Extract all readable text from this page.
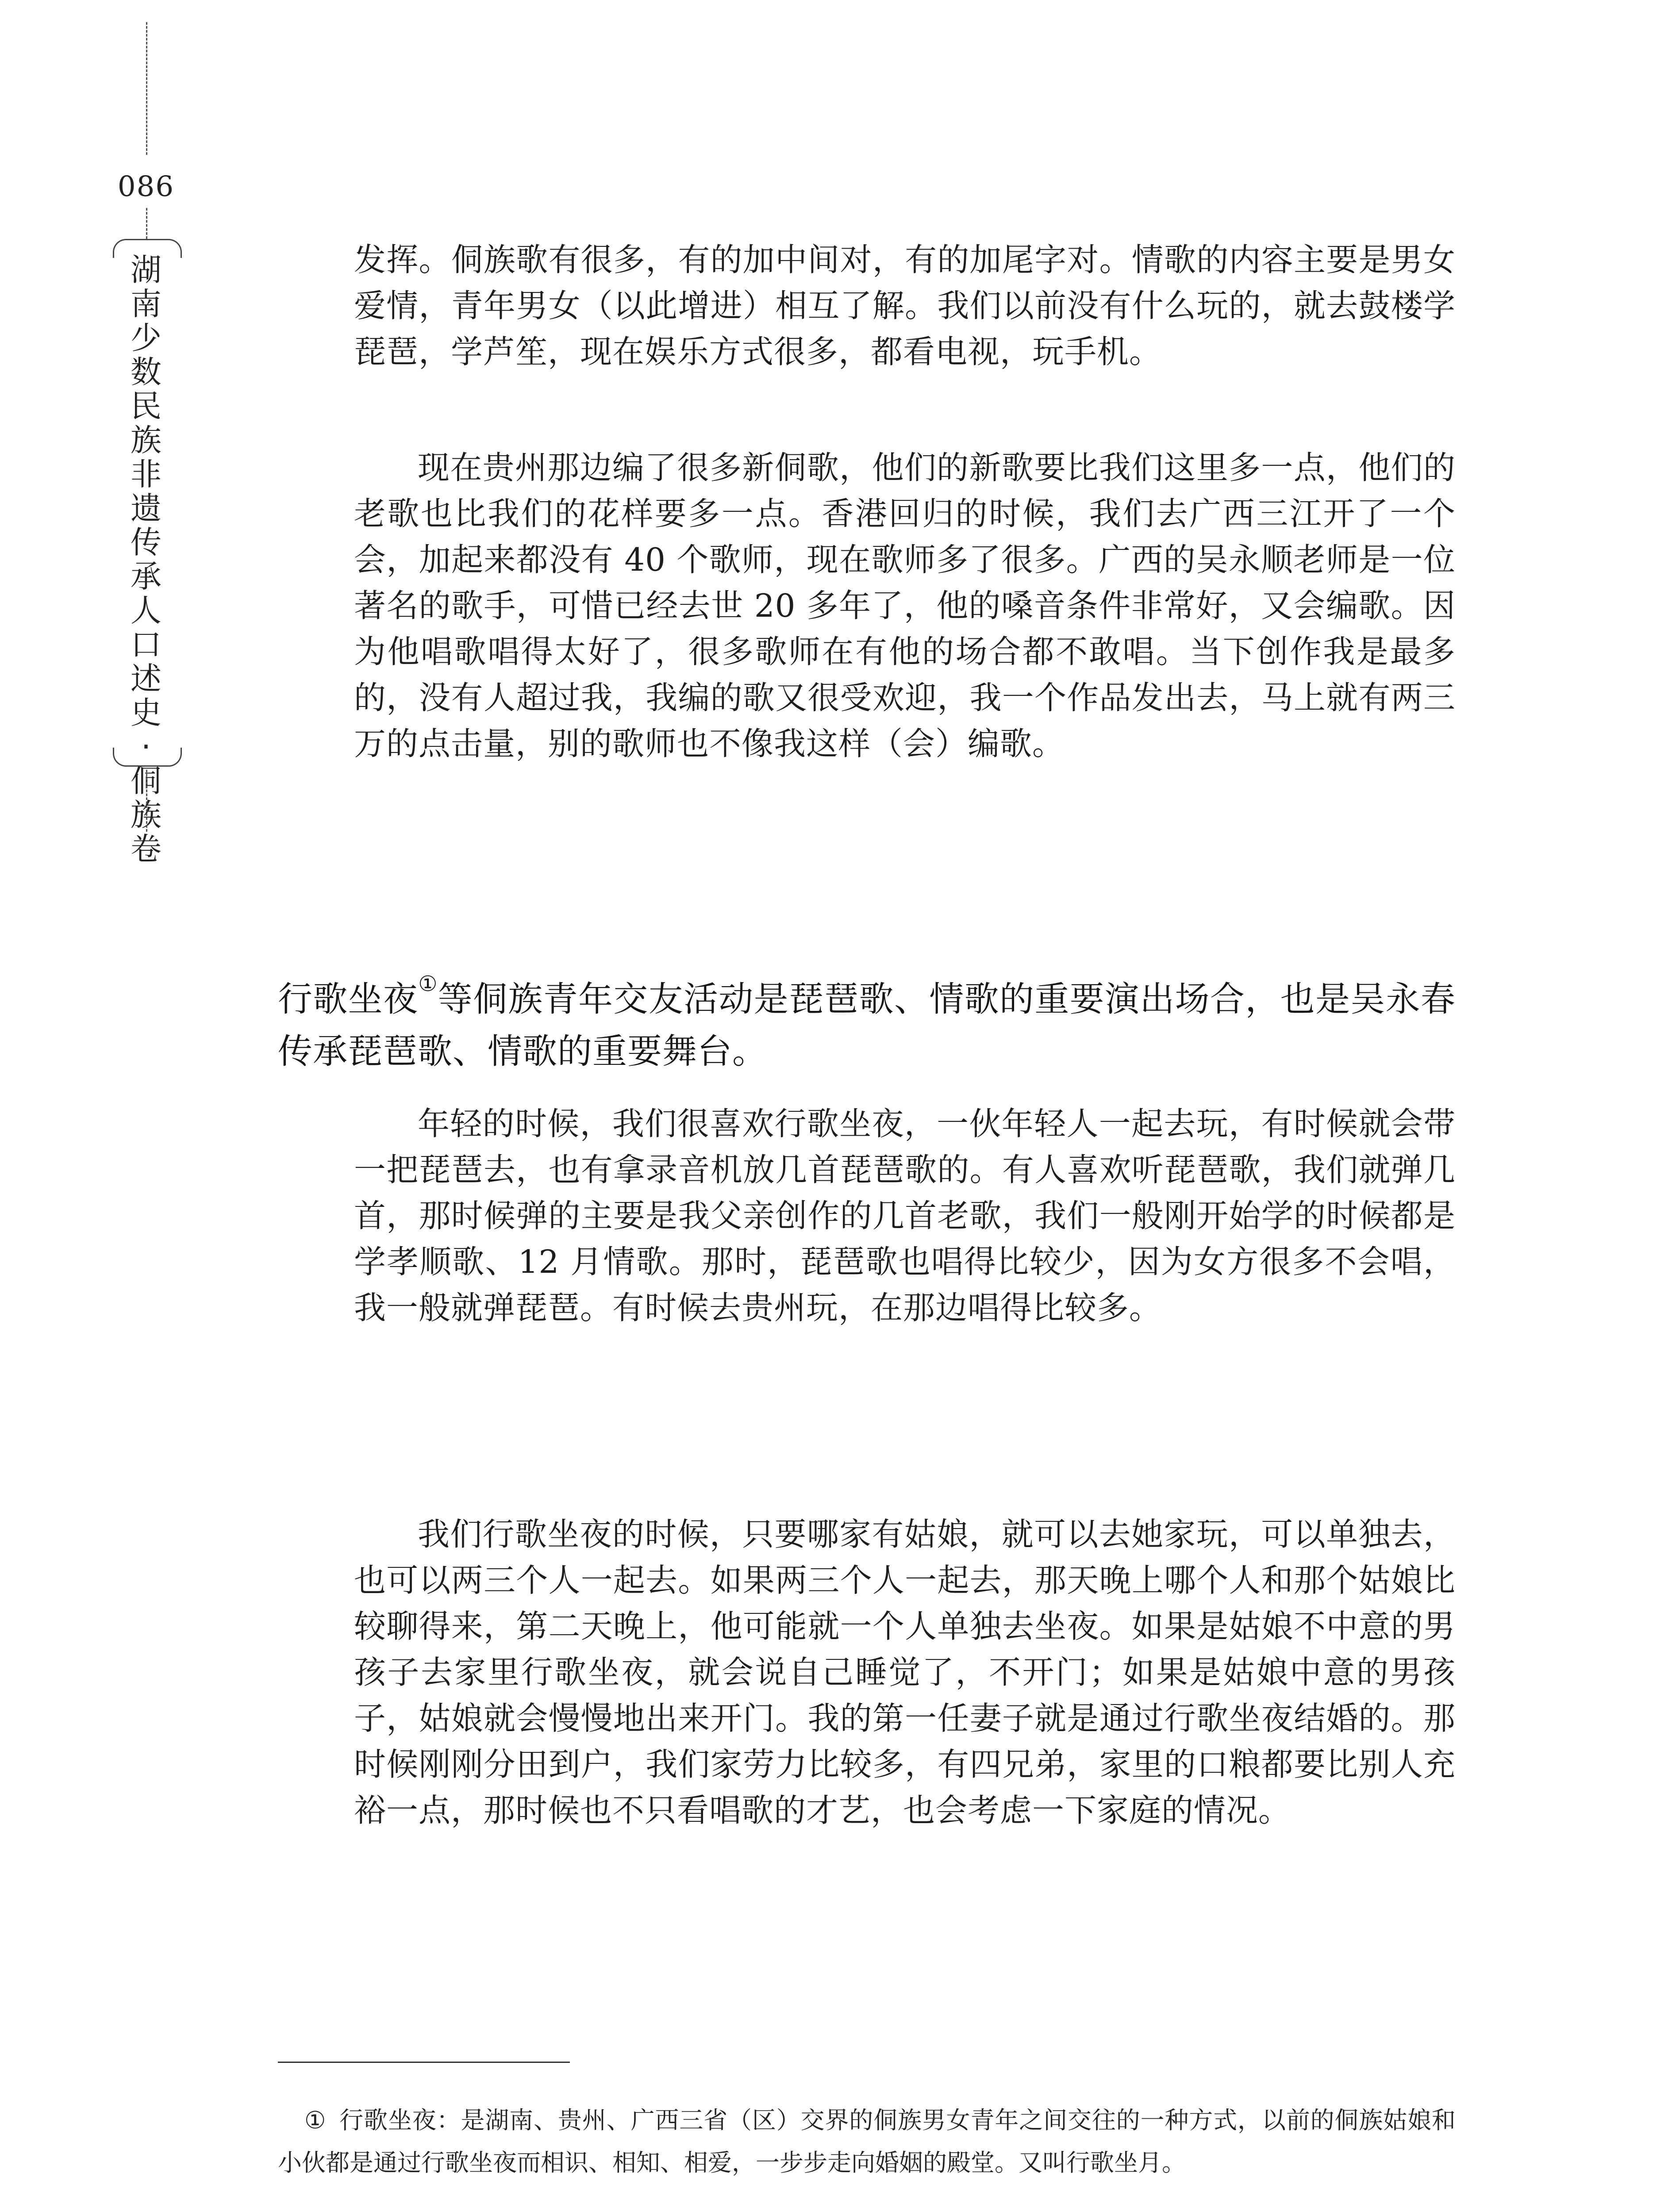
086
湖
南
少
数
民
族
非
遗
传
承
人
口
述
史
·
侗
族
卷

发挥。侗族歌有很多，有的加中间对，有的加尾字对。情歌的内容主要是男女爱情，青年男女（以此增进）相互了解。我们以前没有什么玩的，就去鼓楼学琵琶，学芦笙，现在娱乐方式很多，都看电视，玩手机。

现在贵州那边编了很多新侗歌，他们的新歌要比我们这里多一点，他们的老歌也比我们的花样要多一点。香港回归的时候，我们去广西三江开了一个会，加起来都没有 40 个歌师，现在歌师多了很多。广西的吴永顺老师是一位著名的歌手，可惜已经去世 20 多年了，他的嗓音条件非常好，又会编歌。因为他唱歌唱得太好了，很多歌师在有他的场合都不敢唱。当下创作我是最多的，没有人超过我，我编的歌又很受欢迎，我一个作品发出去，马上就有两三万的点击量，别的歌师也不像我这样（会）编歌。

行歌坐夜①等侗族青年交友活动是琵琶歌、情歌的重要演出场合，也是吴永春传承琵琶歌、情歌的重要舞台。

年轻的时候，我们很喜欢行歌坐夜，一伙年轻人一起去玩，有时候就会带一把琵琶去，也有拿录音机放几首琵琶歌的。有人喜欢听琵琶歌，我们就弹几首，那时候弹的主要是我父亲创作的几首老歌，我们一般刚开始学的时候都是学孝顺歌、12 月情歌。那时，琵琶歌也唱得比较少，因为女方很多不会唱，我一般就弹琵琶。有时候去贵州玩，在那边唱得比较多。

我们行歌坐夜的时候，只要哪家有姑娘，就可以去她家玩，可以单独去，也可以两三个人一起去。如果两三个人一起去，那天晚上哪个人和那个姑娘比较聊得来，第二天晚上，他可能就一个人单独去坐夜。如果是姑娘不中意的男孩子去家里行歌坐夜，就会说自己睡觉了，不开门；如果是姑娘中意的男孩子，姑娘就会慢慢地出来开门。我的第一任妻子就是通过行歌坐夜结婚的。那时候刚刚分田到户，我们家劳力比较多，有四兄弟，家里的口粮都要比别人充裕一点，那时候也不只看唱歌的才艺，也会考虑一下家庭的情况。

① 行歌坐夜：是湖南、贵州、广西三省（区）交界的侗族男女青年之间交往的一种方式，以前的侗族姑娘和小伙都是通过行歌坐夜而相识、相知、相爱，一步步走向婚姻的殿堂。又叫行歌坐月。
